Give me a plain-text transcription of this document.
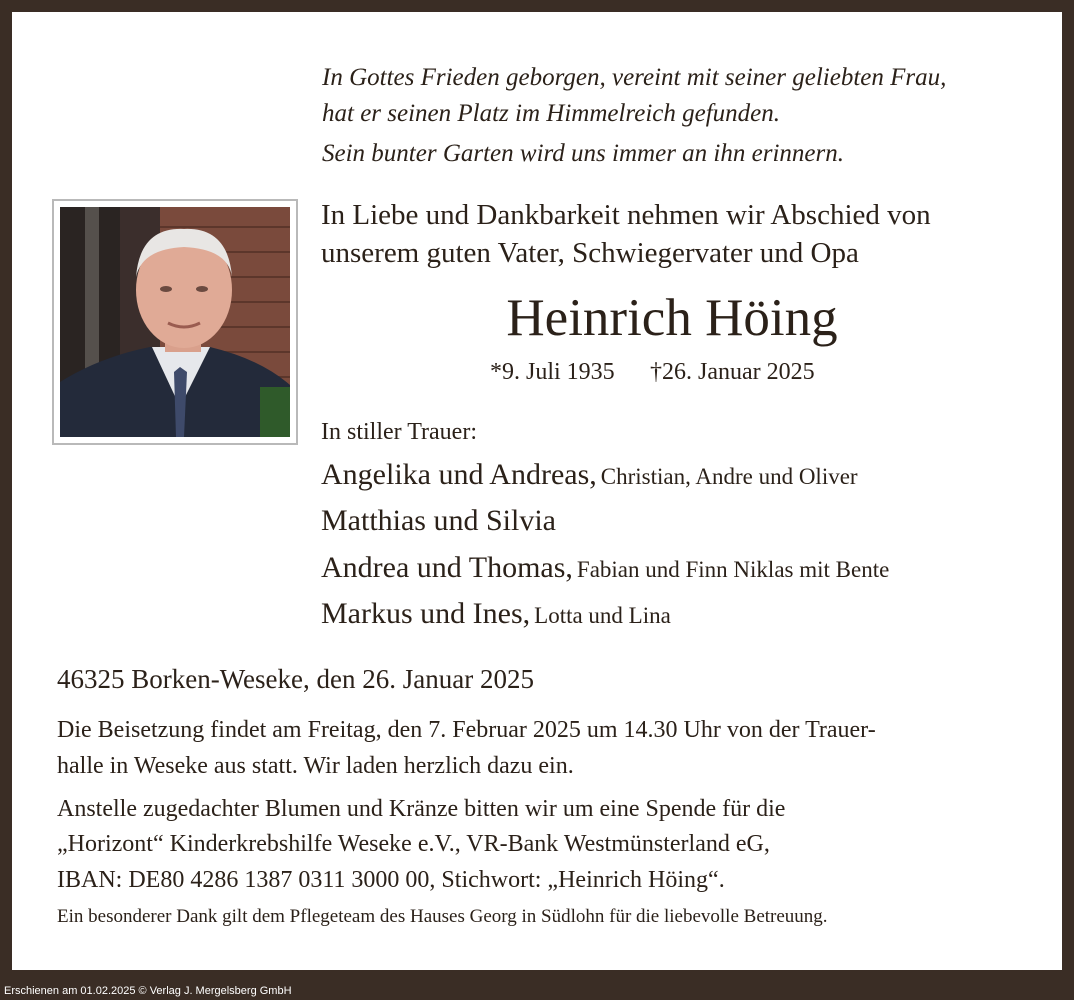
In Gottes Frieden geborgen, vereint mit seiner geliebten Frau,
hat er seinen Platz im Himmelreich gefunden.
Sein bunter Garten wird uns immer an ihn erinnern.
In Liebe und Dankbarkeit nehmen wir Abschied von
unserem guten Vater, Schwiegervater und Opa
Heinrich Höing
*9. Juli 1935 †26. Januar 2025
In stiller Trauer:
Angelika und Andreas, Christian, Andre und Oliver
Matthias und Silvia
Andrea und Thomas, Fabian und Finn Niklas mit Bente
Markus und Ines, Lotta und Lina
46325 Borken-Weseke, den 26. Januar 2025
Die Beisetzung findet am Freitag, den 7. Februar 2025 um 14.30 Uhr von der Trauer-
halle in Weseke aus statt. Wir laden herzlich dazu ein.
Anstelle zugedachter Blumen und Kränze bitten wir um eine Spende für die
„Horizont“ Kinderkrebshilfe Weseke e.V., VR-Bank Westmünsterland eG,
IBAN: DE80 4286 1387 0311 3000 00, Stichwort: „Heinrich Höing“.
Ein besonderer Dank gilt dem Pflegeteam des Hauses Georg in Südlohn für die liebevolle Betreuung.
Erschienen am 01.02.2025 © Verlag J. Mergelsberg GmbH
